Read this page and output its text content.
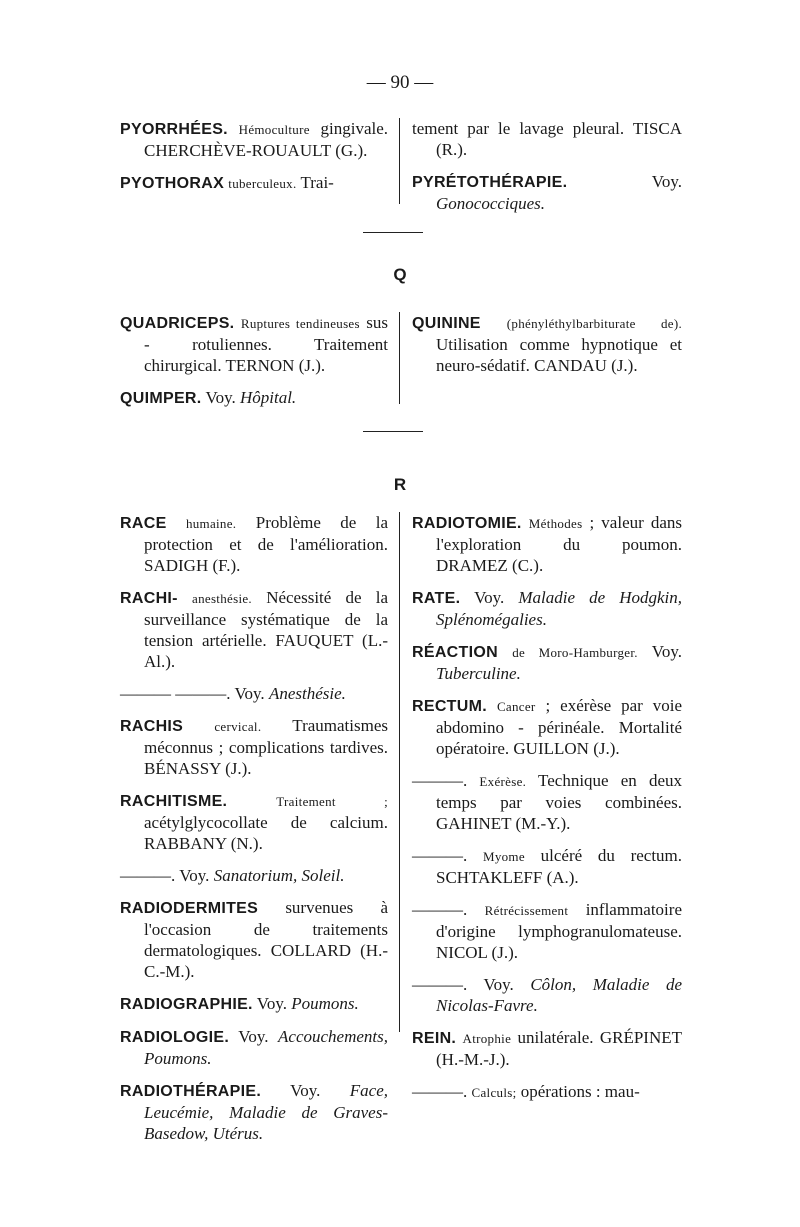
— 90 —

PYORRHÉES. Hémoculture gingivale. CHERCHÈVE-ROUAULT (G.).

PYOTHORAX tuberculeux. Trai-

tement par le lavage pleural. TISCA (R.).

PYRÉTOTHÉRAPIE.	Voy. Gonococciques.

Q

QUADRICEPS. Ruptures tendineuses sus - rotuliennes. Traitement chirurgical. TERNON (J.).

QUIMPER. Voy. Hôpital.

QUININE (phényléthylbarbiturate de). Utilisation comme hypnotique et neuro-sédatif. CANDAU (J.).

R

RACE humaine. Problème de la protection et de l'amélioration. SADIGH (F.).

RACHI- anesthésie. Nécessité de la surveillance systématique de la tension artérielle. FAUQUET (L.-Al.).

——— ———. Voy. Anesthésie.

RACHIS cervical. Traumatismes méconnus ; complications tardives. BÉNASSY (J.).

RACHITISME.	Traitement ; acétylglycocollate de calcium. RABBANY (N.).

———. Voy. Sanatorium, Soleil.

RADIODERMITES survenues à l'occasion de traitements dermatologiques. COLLARD (H.-C.-M.).

RADIOGRAPHIE. Voy. Poumons.

RADIOLOGIE. Voy. Accouchements, Poumons.

RADIOTHÉRAPIE. Voy. Face, Leucémie, Maladie de Graves-Basedow, Utérus.

RADIOTOMIE. Méthodes ; valeur dans l'exploration du poumon. DRAMEZ (C.).

RATE. Voy. Maladie de Hodgkin, Splénomégalies.

RÉACTION de Moro-Hamburger. Voy. Tuberculine.

RECTUM. Cancer ; exérèse par voie abdomino - périnéale. Mortalité opératoire. GUILLON (J.).

———. Exérèse. Technique en deux temps par voies combinées. GAHINET (M.-Y.).

———. Myome ulcéré du rectum. SCHTAKLEFF (A.).

———. Rétrécissement inflammatoire d'origine lymphogranulomateuse. NICOL (J.).

———. Voy. Côlon, Maladie de Nicolas-Favre.

REIN. Atrophie unilatérale. GRÉPINET (H.-M.-J.).

———. Calculs; opérations : mau-
